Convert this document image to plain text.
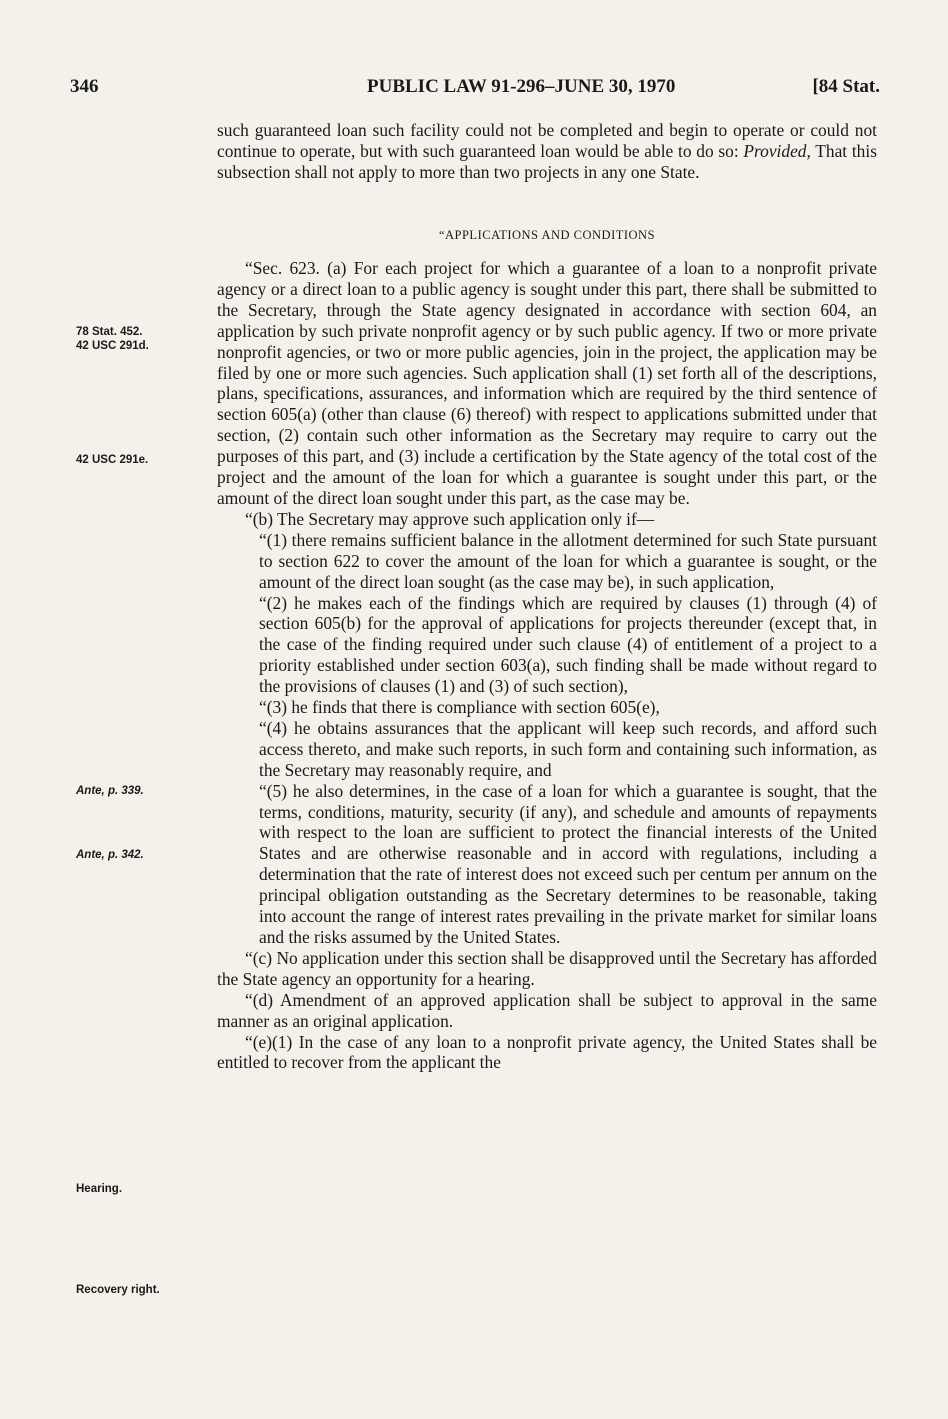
346	PUBLIC LAW 91-296–JUNE 30, 1970	[84 Stat.
78 Stat. 452.
42 USC 291d.
42 USC 291e.
Ante, p. 339.
Ante, p. 342.
Hearing.
Recovery right.

such guaranteed loan such facility could not be completed and begin to operate or could not continue to operate, but with such guaranteed loan would be able to do so: Provided, That this subsection shall not apply to more than two projects in any one State.

“APPLICATIONS AND CONDITIONS

“Sec. 623. (a) For each project for which a guarantee of a loan to a nonprofit private agency or a direct loan to a public agency is sought under this part, there shall be submitted to the Secretary, through the State agency designated in accordance with section 604, an application by such private nonprofit agency or by such public agency. If two or more private nonprofit agencies, or two or more public agencies, join in the project, the application may be filed by one or more such agencies. Such application shall (1) set forth all of the descriptions, plans, specifications, assurances, and information which are required by the third sentence of section 605(a) (other than clause (6) thereof) with respect to applications submitted under that section, (2) contain such other information as the Secretary may require to carry out the purposes of this part, and (3) include a certification by the State agency of the total cost of the project and the amount of the loan for which a guarantee is sought under this part, or the amount of the direct loan sought under this part, as the case may be.

“(b) The Secretary may approve such application only if—

“(1) there remains sufficient balance in the allotment determined for such State pursuant to section 622 to cover the amount of the loan for which a guarantee is sought, or the amount of the direct loan sought (as the case may be), in such application,

“(2) he makes each of the findings which are required by clauses (1) through (4) of section 605(b) for the approval of applications for projects thereunder (except that, in the case of the finding required under such clause (4) of entitlement of a project to a priority established under section 603(a), such finding shall be made without regard to the provisions of clauses (1) and (3) of such section),

“(3) he finds that there is compliance with section 605(e),

“(4) he obtains assurances that the applicant will keep such records, and afford such access thereto, and make such reports, in such form and containing such information, as the Secretary may reasonably require, and

“(5) he also determines, in the case of a loan for which a guarantee is sought, that the terms, conditions, maturity, security (if any), and schedule and amounts of repayments with respect to the loan are sufficient to protect the financial interests of the United States and are otherwise reasonable and in accord with regulations, including a determination that the rate of interest does not exceed such per centum per annum on the principal obligation outstanding as the Secretary determines to be reasonable, taking into account the range of interest rates prevailing in the private market for similar loans and the risks assumed by the United States.

“(c) No application under this section shall be disapproved until the Secretary has afforded the State agency an opportunity for a hearing.

“(d) Amendment of an approved application shall be subject to approval in the same manner as an original application.

“(e)(1) In the case of any loan to a nonprofit private agency, the United States shall be entitled to recover from the applicant the
